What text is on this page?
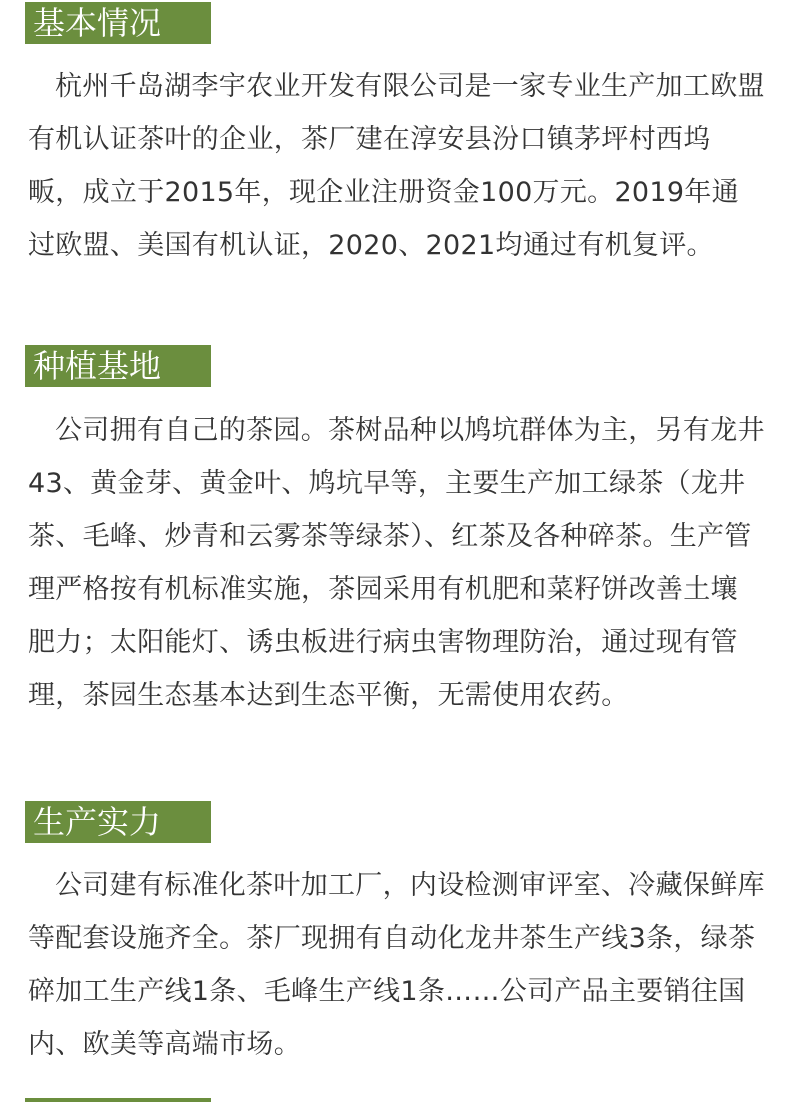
基本情况

杭州千岛湖李宇农业开发有限公司是一家专业生产加工欧盟有机认证茶叶的企业，茶厂建在淳安县汾口镇茅坪村西坞畈，成立于2015年，现企业注册资金100万元。2019年通过欧盟、美国有机认证，2020、2021均通过有机复评。

种植基地

公司拥有自己的茶园。茶树品种以鸠坑群体为主，另有龙井43、黄金芽、黄金叶、鸠坑早等，主要生产加工绿茶（龙井茶、毛峰、炒青和云雾茶等绿茶）、红茶及各种碎茶。生产管理严格按有机标准实施，茶园采用有机肥和菜籽饼改善土壤肥力；太阳能灯、诱虫板进行病虫害物理防治，通过现有管理，茶园生态基本达到生态平衡，无需使用农药。

生产实力

公司建有标准化茶叶加工厂，内设检测审评室、冷藏保鲜库等配套设施齐全。茶厂现拥有自动化龙井茶生产线3条，绿茶碎加工生产线1条、毛峰生产线1条……公司产品主要销往国内、欧美等高端市场。
